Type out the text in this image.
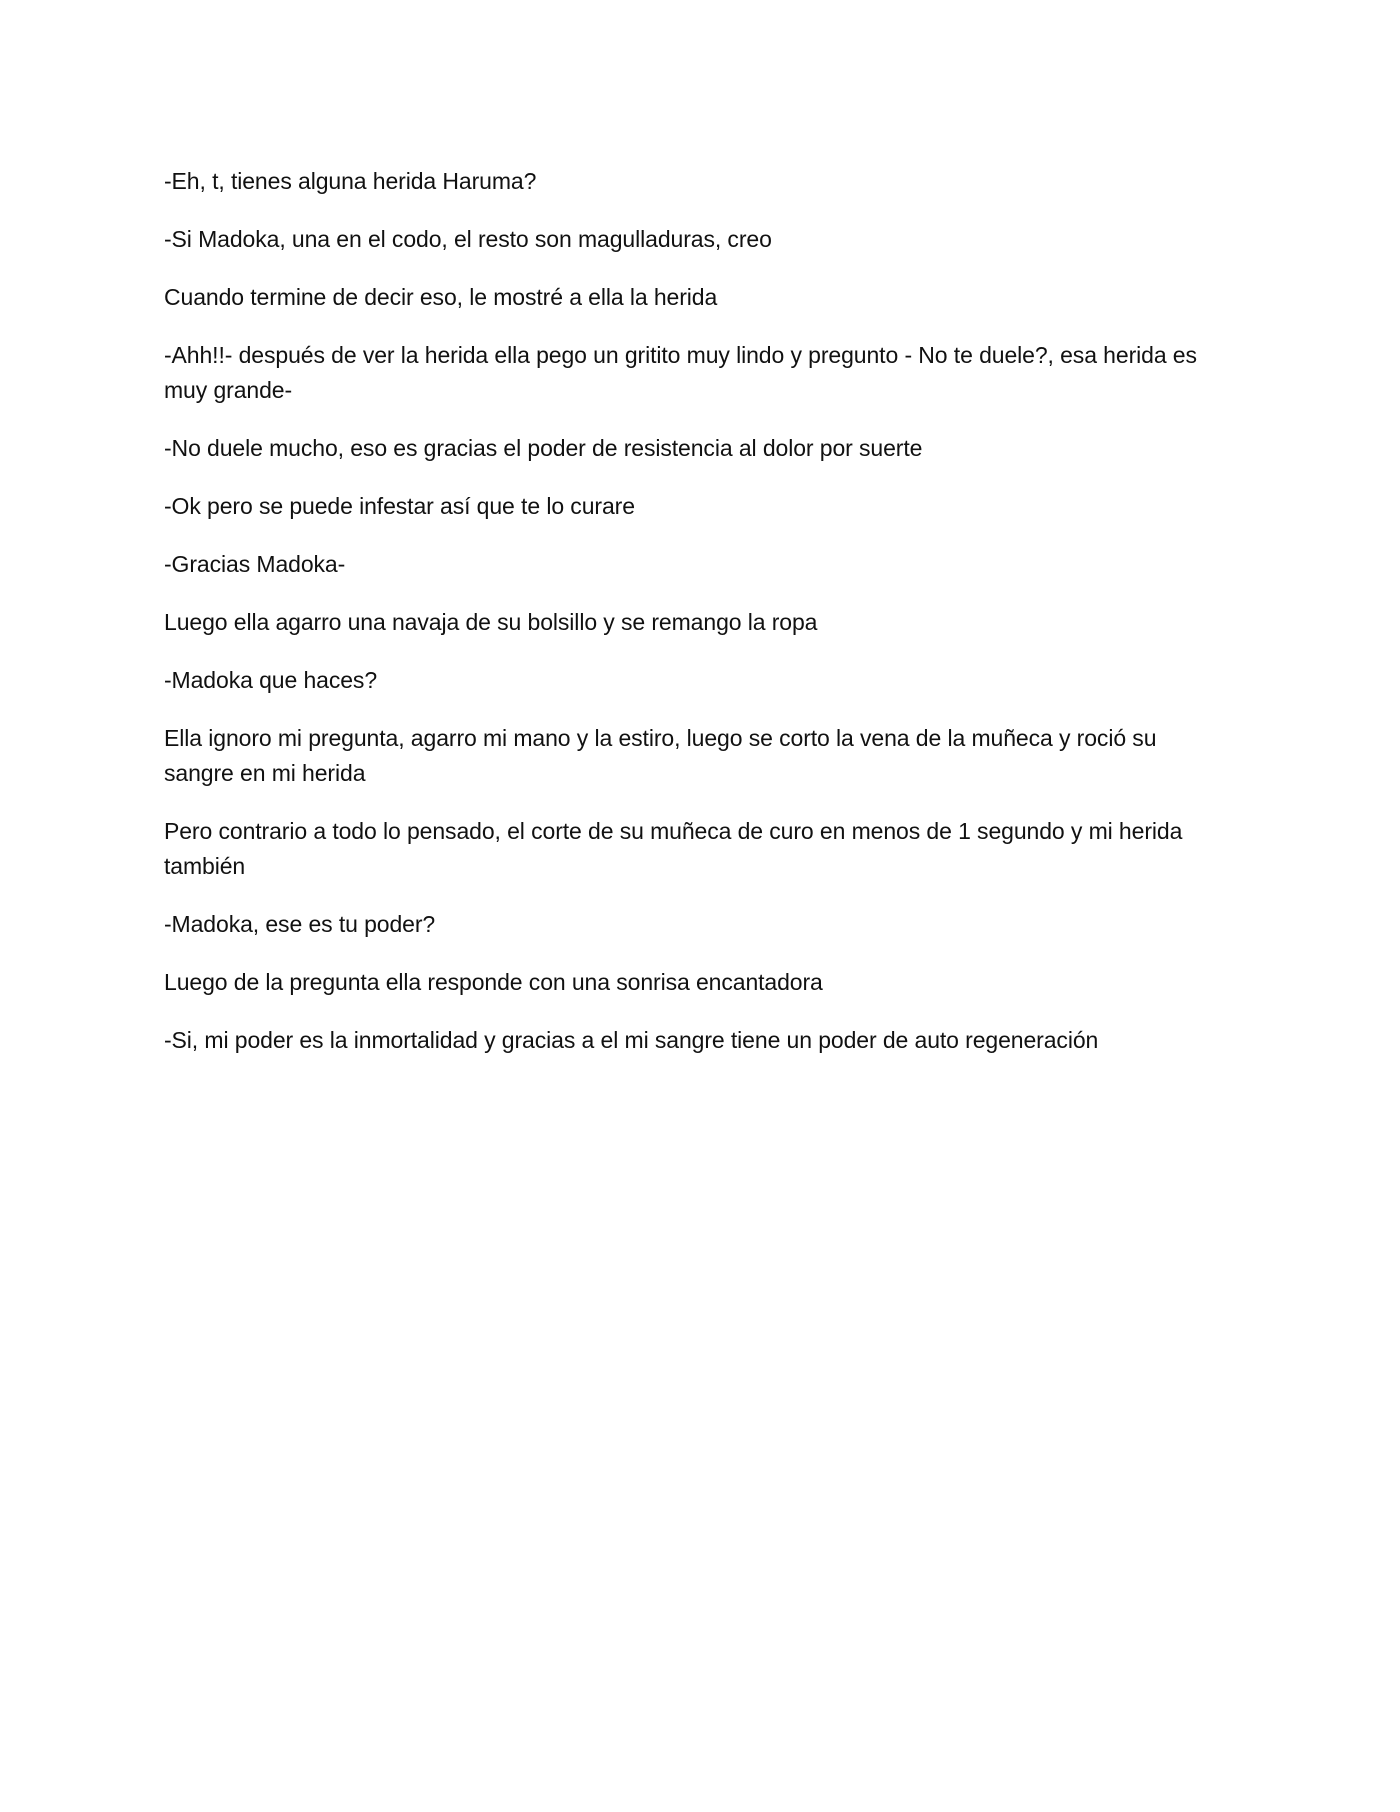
-Eh, t, tienes alguna herida Haruma?

-Si Madoka, una en el codo, el resto son magulladuras, creo

Cuando termine de decir eso, le mostré a ella la herida

-Ahh!!- después de ver la herida ella pego un gritito muy lindo y pregunto - No te duele?, esa herida es muy grande-

-No duele mucho, eso es gracias el poder de resistencia al dolor por suerte

-Ok pero se puede infestar así que te lo curare

-Gracias Madoka-

Luego ella agarro una navaja de su bolsillo y se remango la ropa

-Madoka que haces?

Ella ignoro mi pregunta, agarro mi mano y la estiro, luego se corto la vena de la muñeca y roció su sangre en mi herida

Pero contrario a todo lo pensado, el corte de su muñeca de curo en menos de 1 segundo y mi herida también

-Madoka, ese es tu poder?

Luego de la pregunta ella responde con una sonrisa encantadora

-Si, mi poder es la inmortalidad y gracias a el mi sangre tiene un poder de auto regeneración
